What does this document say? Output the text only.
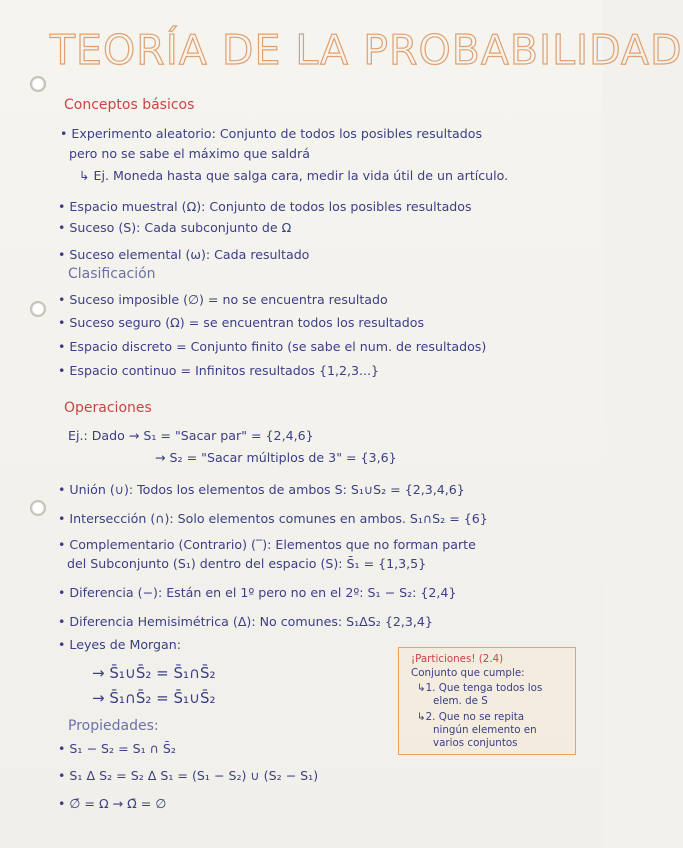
TEORÍA DE LA PROBABILIDAD
Conceptos básicos
• Experimento aleatorio: Conjunto de todos los posibles resultados
pero no se sabe el máximo que saldrá
↳ Ej. Moneda hasta que salga cara, medir la vida útil de un artículo.
• Espacio muestral (Ω): Conjunto de todos los posibles resultados
• Suceso (S): Cada subconjunto de Ω
• Suceso elemental (ω): Cada resultado
Clasificación
• Suceso imposible (∅) = no se encuentra resultado
• Suceso seguro (Ω) = se encuentran todos los resultados
• Espacio discreto = Conjunto finito (se sabe el num. de resultados)
• Espacio continuo = Infinitos resultados {1,2,3...}
Operaciones
Ej.: Dado → S₁ = "Sacar par" = {2,4,6}
→ S₂ = "Sacar múltiplos de 3" = {3,6}
• Unión (∪): Todos los elementos de ambos S: S₁∪S₂ = {2,3,4,6}
• Intersección (∩): Solo elementos comunes en ambos. S₁∩S₂ = {6}
• Complementario (Contrario) (‾): Elementos que no forman parte
del Subconjunto (S₁) dentro del espacio (S): S̄₁ = {1,3,5}
• Diferencia (−): Están en el 1º pero no en el 2º: S₁ − S₂: {2,4}
• Diferencia Hemisimétrica (Δ): No comunes: S₁ΔS₂ {2,3,4}
• Leyes de Morgan:
→ S̄₁∪S̄₂ = S̄₁∩S̄₂
→ S̄₁∩S̄₂ = S̄₁∪S̄₂
Propiedades:
• S₁ − S₂ = S₁ ∩ S̄₂
• S₁ Δ S₂ = S₂ Δ S₁ = (S₁ − S₂) ∪ (S₂ − S₁)
• ∅̄ = Ω → Ω̄ = ∅
¡Particiones! (2.4)
Conjunto que cumple:
↳1. Que tenga todos los
elem. de S
↳2. Que no se repita
ningún elemento en
varios conjuntos
